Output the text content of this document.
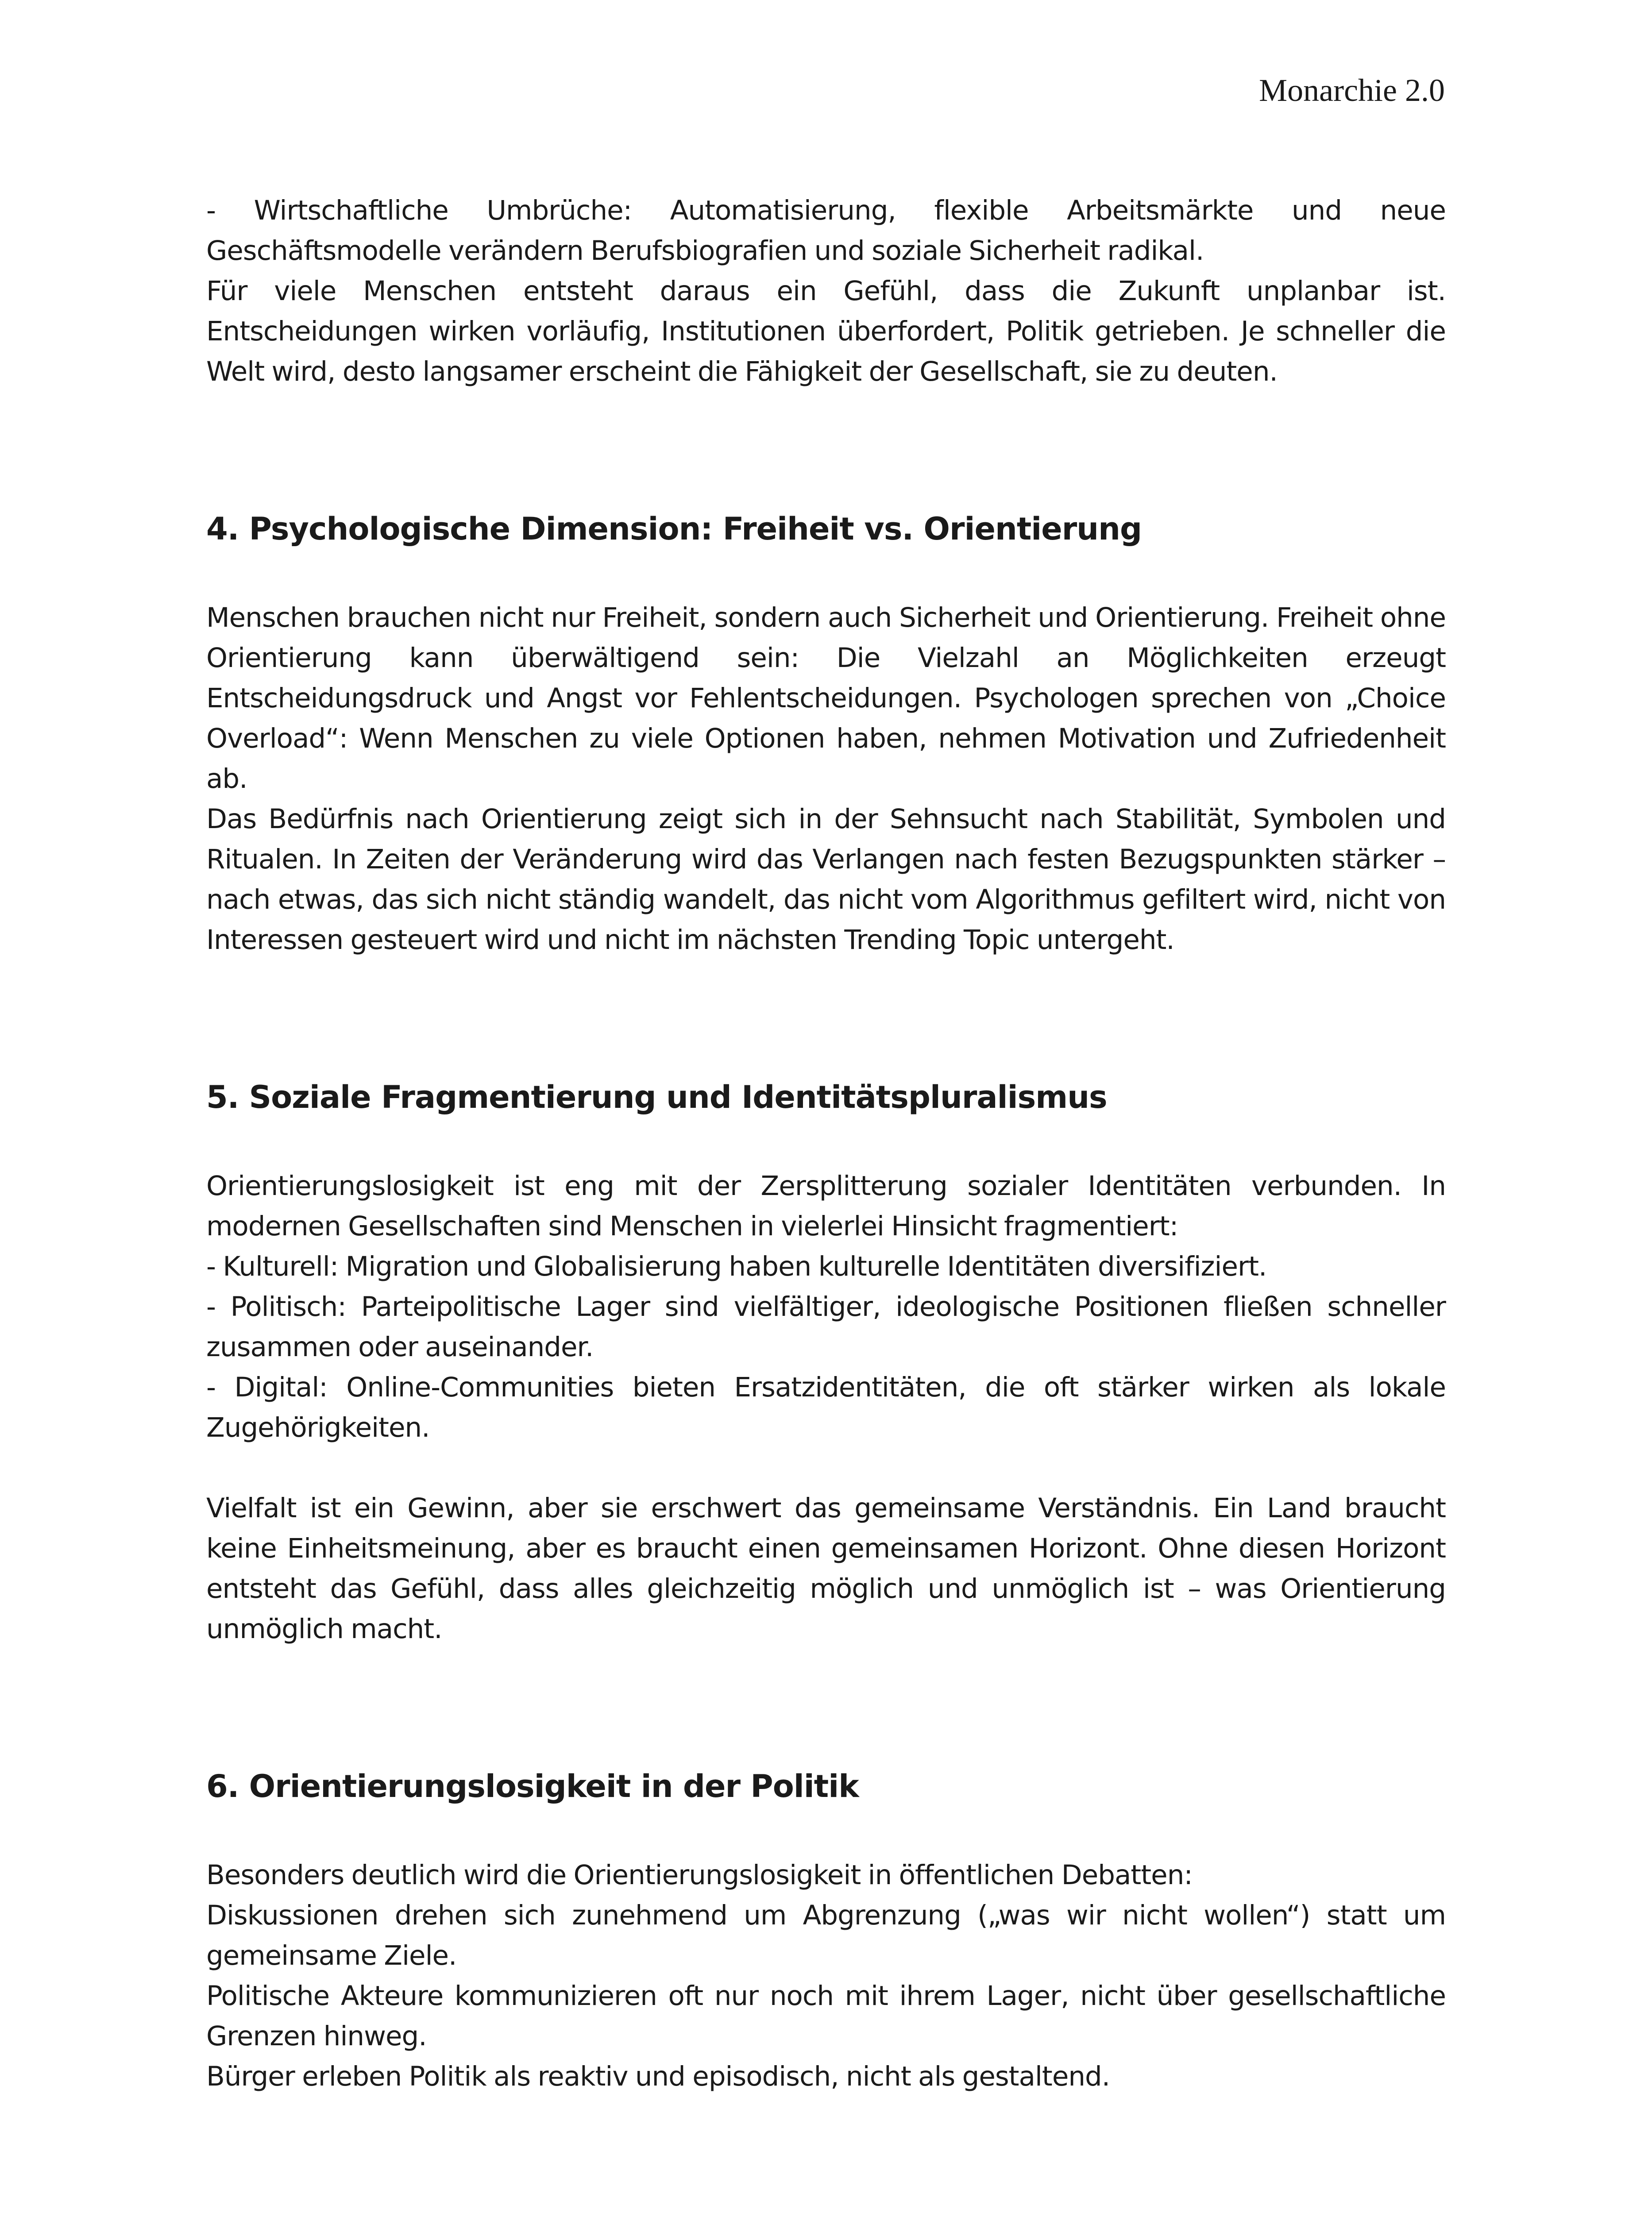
Monarchie 2.0

- Wirtschaftliche Umbrüche: Automatisierung, flexible Arbeitsmärkte und neue Geschäftsmodelle verändern Berufsbiografien und soziale Sicherheit radikal.

Für viele Menschen entsteht daraus ein Gefühl, dass die Zukunft unplanbar ist. Entscheidungen wirken vorläufig, Institutionen überfordert, Politik getrieben. Je schneller die Welt wird, desto langsamer erscheint die Fähigkeit der Gesellschaft, sie zu deuten.

4. Psychologische Dimension: Freiheit vs. Orientierung

Menschen brauchen nicht nur Freiheit, sondern auch Sicherheit und Orientierung. Freiheit ohne Orientierung kann überwältigend sein: Die Vielzahl an Möglichkeiten erzeugt Entscheidungsdruck und Angst vor Fehlentscheidungen. Psychologen sprechen von „Choice Overload“: Wenn Menschen zu viele Optionen haben, nehmen Motivation und Zufriedenheit ab.

Das Bedürfnis nach Orientierung zeigt sich in der Sehnsucht nach Stabilität, Symbolen und Ritualen. In Zeiten der Veränderung wird das Verlangen nach festen Bezugspunkten stärker – nach etwas, das sich nicht ständig wandelt, das nicht vom Algorithmus gefiltert wird, nicht von Interessen gesteuert wird und nicht im nächsten Trending Topic untergeht.

5. Soziale Fragmentierung und Identitätspluralismus

Orientierungslosigkeit ist eng mit der Zersplitterung sozialer Identitäten verbunden. In modernen Gesellschaften sind Menschen in vielerlei Hinsicht fragmentiert:

- Kulturell: Migration und Globalisierung haben kulturelle Identitäten diversifiziert.

- Politisch: Parteipolitische Lager sind vielfältiger, ideologische Positionen fließen schneller zusammen oder auseinander.

- Digital: Online-Communities bieten Ersatzidentitäten, die oft stärker wirken als lokale Zugehörigkeiten.

Vielfalt ist ein Gewinn, aber sie erschwert das gemeinsame Verständnis. Ein Land braucht keine Einheitsmeinung, aber es braucht einen gemeinsamen Horizont. Ohne diesen Horizont entsteht das Gefühl, dass alles gleichzeitig möglich und unmöglich ist – was Orientierung unmöglich macht.

6. Orientierungslosigkeit in der Politik

Besonders deutlich wird die Orientierungslosigkeit in öffentlichen Debatten:

Diskussionen drehen sich zunehmend um Abgrenzung („was wir nicht wollen“) statt um gemeinsame Ziele.

Politische Akteure kommunizieren oft nur noch mit ihrem Lager, nicht über gesellschaftliche Grenzen hinweg.

Bürger erleben Politik als reaktiv und episodisch, nicht als gestaltend.
